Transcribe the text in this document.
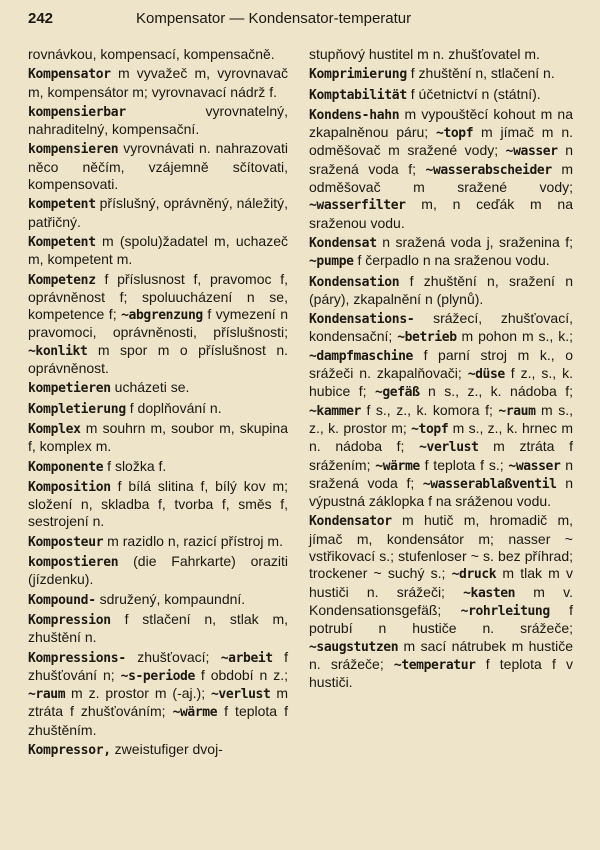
242	Kompensator — Kondensator-temperatur

rovnávkou, kompensací, kompensačně.

Kompensator m vyvažeč m, vyrovnavač m, kompensátor m; vyrovnavací nádrž f.

kompensierbar vyrovnatelný, nahraditelný, kompensační.

kompensieren vyrovnávati n. nahrazovati něco něčím, vzájemně sčítovati, kompensovati.

kompetent příslušný, oprávněný, náležitý, patřičný.

Kompetent m (spolu)žadatel m, uchazeč m, kompetent m.

Kompetenz f příslusnost f, pravomoc f, oprávněnost f; spoluucházení n se, kompetence f; ~abgrenzung f vymezení n pravomoci, oprávněnosti, příslušnosti; ~konlikt m spor m o příslušnost n. oprávněnost.

kompetieren ucházeti se.

Kompletierung f doplňování n.

Komplex m souhrn m, soubor m, skupina f, komplex m.

Komponente f složka f.

Komposition f bílá slitina f, bílý kov m; složení n, skladba f, tvorba f, směs f, sestrojení n.

Komposteur m razidlo n, razicí přístroj m.

kompostieren (die Fahrkarte) oraziti (jízdenku).

Kompound- sdružený, kompaundní.

Kompression f stlačení n, stlak m, zhuštění n.

Kompressions- zhušťovací; ~arbeit f zhušťování n; ~s-periode f období n z.; ~raum m z. prostor m (-aj.); ~verlust m ztráta f zhušťováním; ~wärme f teplota f zhuštěním.

Kompressor, zweistufiger dvoj-

stupňový hustitel m n. zhušťovatel m.

Komprimierung f zhuštění n, stlačení n.

Komptabilität f účetnictví n (státní).

Kondens-hahn m vypouštěcí kohout m na zkapalněnou páru; ~topf m jímač m n. odměšovač m sražené vody; ~wasser n sražená voda f; ~wasserabscheider m odměšovač m sražené vody; ~wasserfilter m, n ceďák m na sraženou vodu.

Kondensat n sražená voda j, sraženina f; ~pumpe f čerpadlo n na sraženou vodu.

Kondensation f zhuštění n, sražení n (páry), zkapalnění n (plynů).

Kondensations- srážecí, zhušťovací, kondensační; ~betrieb m pohon m s., k.; ~dampfmaschine f parní stroj m k., o srážeči n. zkapalňovači; ~düse f z., s., k. hubice f; ~gefäß n s., z., k. nádoba f; ~kammer f s., z., k. komora f; ~raum m s., z., k. prostor m; ~topf m s., z., k. hrnec m n. nádoba f; ~verlust m ztráta f srážením; ~wärme f teplota f s.; ~wasser n sražená voda f; ~wasserablaßventil n výpustná záklopka f na sráženou vodu.

Kondensator m hutič m, hromadič m, jímač m, kondensátor m; nasser ~ vstřikovací s.; stufenloser ~ s. bez příhrad; trockener ~ suchý s.; ~druck m tlak m v hustiči n. srážeči; ~kasten m v. Kondensationsgefäß; ~rohrleitung f potrubí n hustiče n. srážeče; ~saugstutzen m sací nátrubek m hustiče n. srážeče; ~temperatur f teplota f v hustiči.
